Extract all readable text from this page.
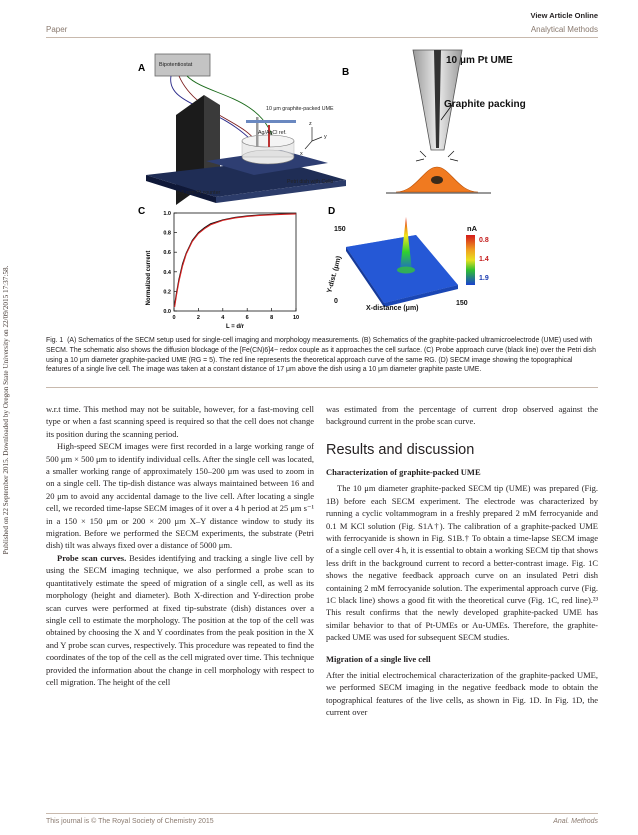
View Article Online
Paper	Analytical Methods
Published on 22 September 2015. Downloaded by Oregon State University on 22/09/2015 17:37:58.
A	Bipotentiostat
10 μm graphite-packed UME
Ag/AgCl ref.
0.5 mm Pt counter
Petri dish with Cells
z
y
x
B
10 μm Pt UME
Graphite packing
C
Normalized current
L = d/r
0	2	4	6	8	10
0.0
0.2
0.4
0.6
0.8
1.0	D
150
Y-dist. (μm)
0
X-distance (μm)
150
nA
0.8
1.4
1.9
Fig. 1 (A) Schematics of the SECM setup used for single-cell imaging and morphology measurements. (B) Schematics of the graphite-packed ultramicroelectrode (UME) used with SECM. The schematic also shows the diffusion blockage of the [Fe(CN)6]4− redox couple as it approaches the cell surface. (C) Probe approach curve (black line) over the Petri dish using a 10 μm diameter graphite-packed UME (RG = 5). The red line represents the theoretical approach curve of the same RG. (D) SECM image showing the topographical features of a single live cell. The image was taken at a constant distance of 17 μm above the dish using a 10 μm diameter graphite paste UME.

w.r.t time. This method may not be suitable, however, for a fast-moving cell type or when a fast scanning speed is required so that the cell does not change its position during the scanning period.

High-speed SECM images were first recorded in a large working range of 500 μm × 500 μm to identify individual cells. After the single cell was located, a smaller working range of approximately 150–200 μm was used to zoom in on a single cell. The tip-dish distance was always maintained between 16 and 20 μm to avoid any accidental damage to the live cell. After locating a single cell, we recorded time-lapse SECM images of it over a 4 h period at 25 μm s⁻¹ in a 150 × 150 μm or 200 × 200 μm X–Y distance window to study its migration. Before we performed the SECM experiments, the substrate (Petri dish) tilt was always fixed over a distance of 5000 μm.

Probe scan curves. Besides identifying and tracking a single live cell by using the SECM imaging technique, we also performed a probe scan to quantitatively estimate the speed of migration of a single cell, as well as its morphology (height and diameter). Both X-direction and Y-direction probe scan curves were performed at fixed tip-substrate (dish) distances over a single cell to estimate the morphology. The position at the top of the cell was obtained by choosing the X and Y coordinates from the peak position in the X and Y probe scan curves, respectively. This procedure was repeated to find the coordinates of the top of the cell as the cell migrated over time. This technique provided the information about the change in cell morphology with respect to cell migration. The height of the cell

was estimated from the percentage of current drop observed against the background current in the probe scan curve.

Results and discussion
Characterization of graphite-packed UME

The 10 μm diameter graphite-packed SECM tip (UME) was prepared (Fig. 1B) before each SECM experiment. The electrode was characterized by running a cyclic voltammogram in a freshly prepared 2 mM ferrocyanide and 0.1 M KCl solution (Fig. S1A†). The calibration of a graphite-packed UME with ferrocyanide is shown in Fig. S1B.† To obtain a time-lapse SECM image of a single cell over 4 h, it is essential to obtain a working SECM tip that shows less drift in the background current to record a better-contrast image. Fig. 1C shows the negative feedback approach curve on an insulated Petri dish containing 2 mM ferrocyanide solution. The experimental approach curve (Fig. 1C black line) shows a good fit with the theoretical curve (Fig. 1C, red line).²³ This result confirms that the newly developed graphite-packed UME has similar behavior to that of Pt-UMEs or Au-UMEs. Therefore, the graphite-packed UME was used for subsequent SECM studies.

Migration of a single live cell

After the initial electrochemical characterization of the graphite-packed UME, we performed SECM imaging in the negative feedback mode to obtain the topographical features of the live cells, as shown in Fig. 1D. In Fig. 1D, the current over

This journal is © The Royal Society of Chemistry 2015	Anal. Methods
